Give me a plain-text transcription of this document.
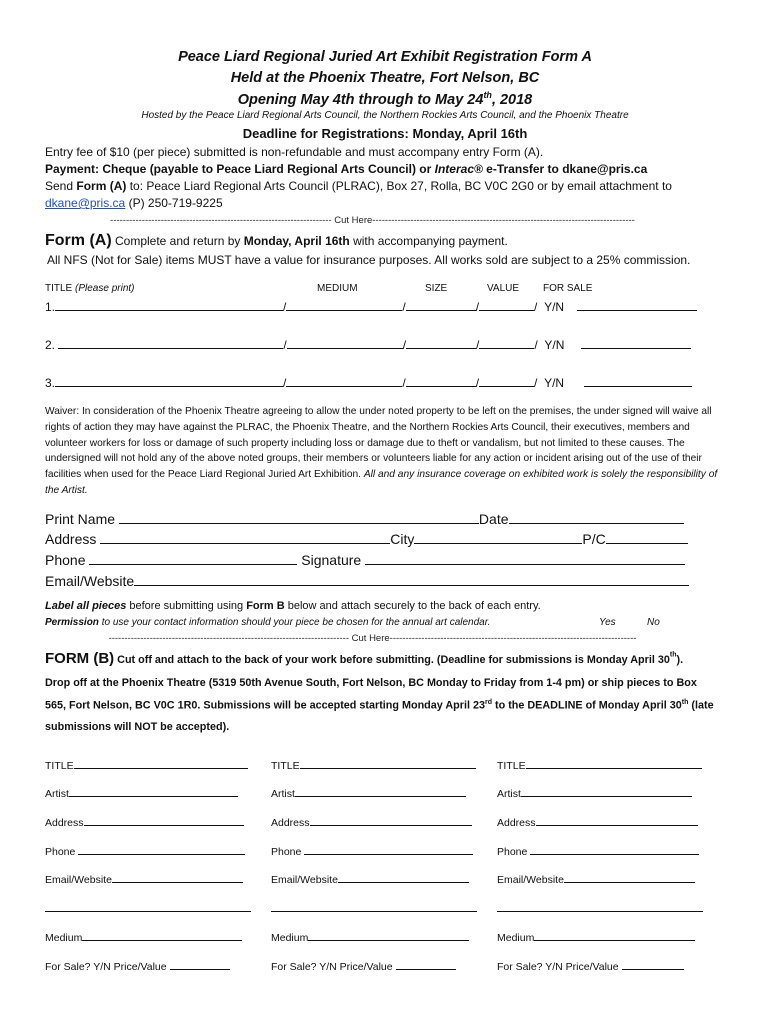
Peace Liard Regional Juried Art Exhibit Registration Form A
Held at the Phoenix Theatre, Fort Nelson, BC
Opening May 4th through to May 24th, 2018
Hosted by the Peace Liard Regional Arts Council, the Northern Rockies Arts Council, and the Phoenix Theatre
Deadline for Registrations: Monday, April 16th
Entry fee of $10 (per piece) submitted is non-refundable and must accompany entry Form (A).
Payment: Cheque (payable to Peace Liard Regional Arts Council) or Interac® e-Transfer to dkane@pris.ca
Send Form (A) to: Peace Liard Regional Arts Council (PLRAC), Box 27, Rolla, BC V0C 2G0 or by email attachment to
dkane@pris.ca (P) 250-719-9225
---------------------------------------------------------------------- Cut Here-----------------------------------------------------------------------------------
Form (A) Complete and return by Monday, April 16th with accompanying payment.
All NFS (Not for Sale) items MUST have a value for insurance purposes. All works sold are subject to a 25% commission.
TITLE (Please print)	MEDIUM	SIZE	VALUE FOR SALE
1.	/	/	/	/  Y/N
2.	/	/	/	/  Y/N
3.	/	/	/	/  Y/N
Waiver: In consideration of the Phoenix Theatre agreeing to allow the under noted property to be left on the premises, the under signed will waive all rights of action they may have against the PLRAC, the Phoenix Theatre, and the Northern Rockies Arts Council, their executives, members and volunteer workers for loss or damage of such property including loss or damage due to theft or vandalism, but not limited to these causes. The undersigned will not hold any of the above noted groups, their members or volunteers liable for any action or incident arising out of the use of their facilities when used for the Peace Liard Regional Juried Art Exhibition. All and any insurance coverage on exhibited work is solely the responsibility of the Artist.
Print Name	Date
Address	City	P/C
Phone	Signature
Email/Website
Label all pieces before submitting using Form B below and attach securely to the back of each entry.
Permission to use your contact information should your piece be chosen for the annual art calendar.	Yes	No
---------------------------------------------------------------------------- Cut Here------------------------------------------------------------------------------
FORM (B) Cut off and attach to the back of your work before submitting. (Deadline for submissions is Monday April 30th).
Drop off at the Phoenix Theatre (5319 50th Avenue South, Fort Nelson, BC Monday to Friday from 1-4 pm) or ship pieces to Box
565, Fort Nelson, BC V0C 1R0. Submissions will be accepted starting Monday April 23rd to the DEADLINE of Monday April 30th (late
submissions will NOT be accepted).
TITLE
Artist
Address
Phone
Email/Website
Medium
For Sale? Y/N Price/Value
TITLE
Artist
Address
Phone
Email/Website
Medium
For Sale? Y/N Price/Value
TITLE
Artist
Address
Phone
Email/Website
Medium
For Sale? Y/N Price/Value
